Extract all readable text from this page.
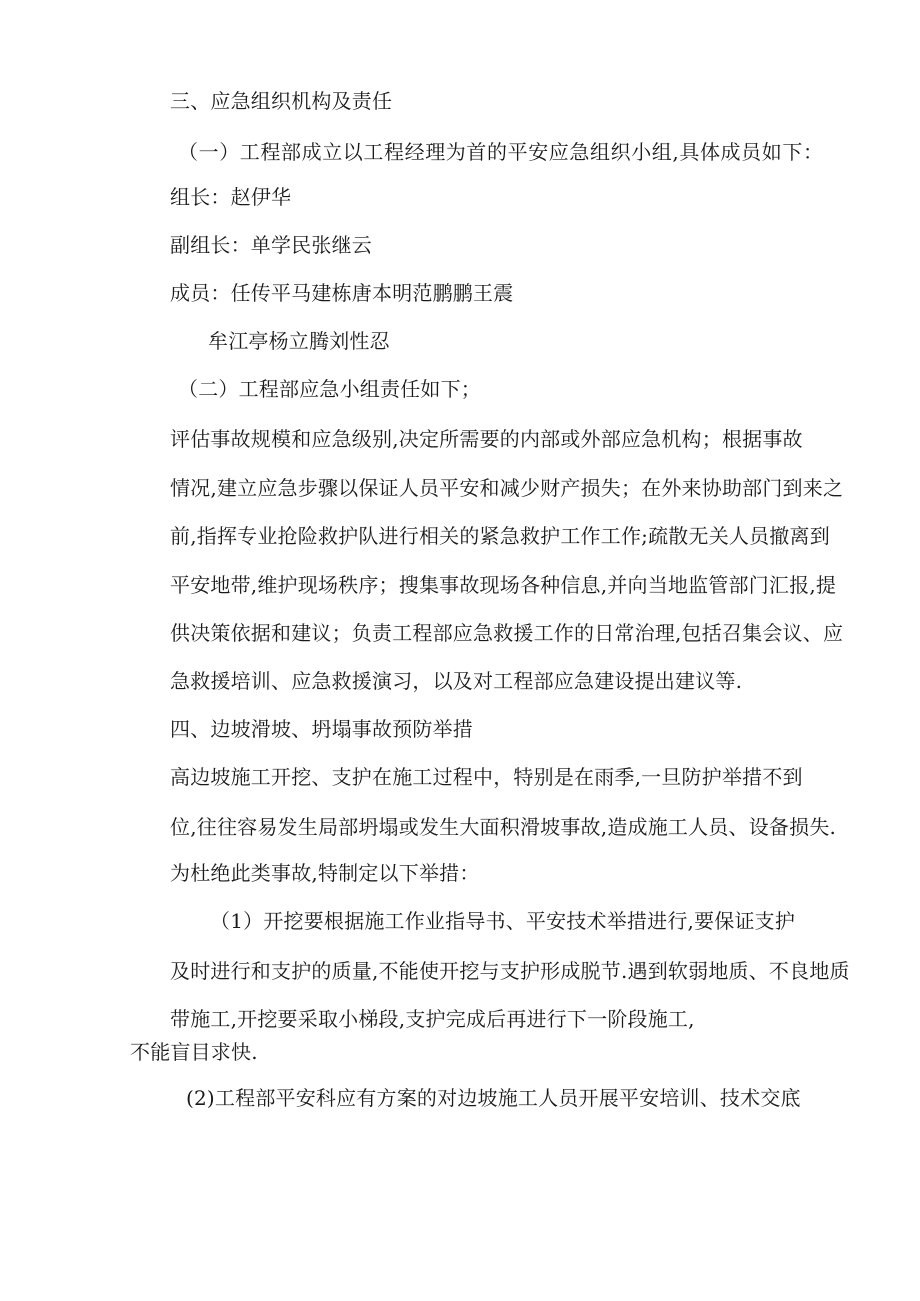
三、应急组织机构及责任
（一）工程部成立以工程经理为首的平安应急组织小组,具体成员如下：
组长：赵伊华
副组长：单学民张继云
成员：任传平马建栋唐本明范鹏鹏王震
牟江亭杨立腾刘性忍
（二）工程部应急小组责任如下；
评估事故规模和应急级别,决定所需要的内部或外部应急机构；根据事故
情况,建立应急步骤以保证人员平安和减少财产损失；在外来协助部门到来之
前,指挥专业抢险救护队进行相关的紧急救护工作工作;疏散无关人员撤离到
平安地带,维护现场秩序；搜集事故现场各种信息,并向当地监管部门汇报,提
供决策依据和建议；负责工程部应急救援工作的日常治理,包括召集会议、应
急救援培训、应急救援演习，以及对工程部应急建设提出建议等.
四、边坡滑坡、坍塌事故预防举措
高边坡施工开挖、支护在施工过程中，特别是在雨季,一旦防护举措不到
位,往往容易发生局部坍塌或发生大面积滑坡事故,造成施工人员、设备损失.
为杜绝此类事故,特制定以下举措：
（1）开挖要根据施工作业指导书、平安技术举措进行,要保证支护
及时进行和支护的质量,不能使开挖与支护形成脱节.遇到软弱地质、不良地质
带施工,开挖要采取小梯段,支护完成后再进行下一阶段施工,
不能盲目求快.
(2)工程部平安科应有方案的对边坡施工人员开展平安培训、技术交底
